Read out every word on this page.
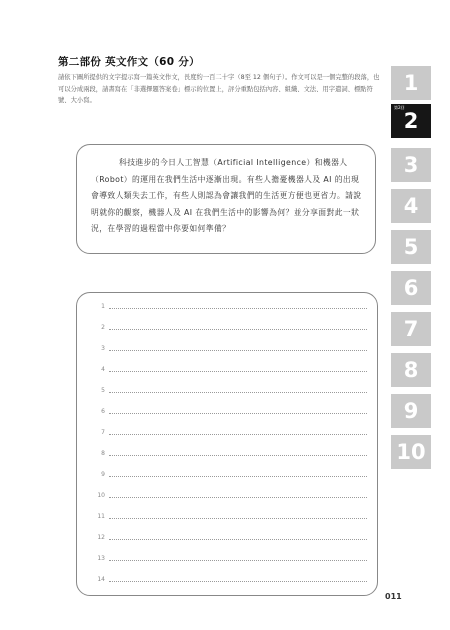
第二部份 英文作文（60 分）
請依下圖所提供的文字提示寫一篇英文作文，長度約一百二十字（8至 12 個句子）。作文可以是一個完整的段落，也可以分成兩段，請書寫在「非選擇題答案卷」標示的位置上，評分重點包括內容、組織、文法、用字遣詞、標點符號、大小寫。
科技進步的今日人工智慧（Artificial Intelligence）和機器人（Robot）的運用在我們生活中逐漸出現。有些人擔憂機器人及 AI 的出現會導致人類失去工作，有些人則認為會讓我們的生活更方便也更省力。請說明就你的觀察，機器人及 AI 在我們生活中的影響為何？並分享面對此一狀況，在學習的過程當中你要如何準備？
1
2
3
4
5
6
7
8
9
10
11
12
13
14
1
第2回
2
3
4
5
6
7
8
9
10
011
